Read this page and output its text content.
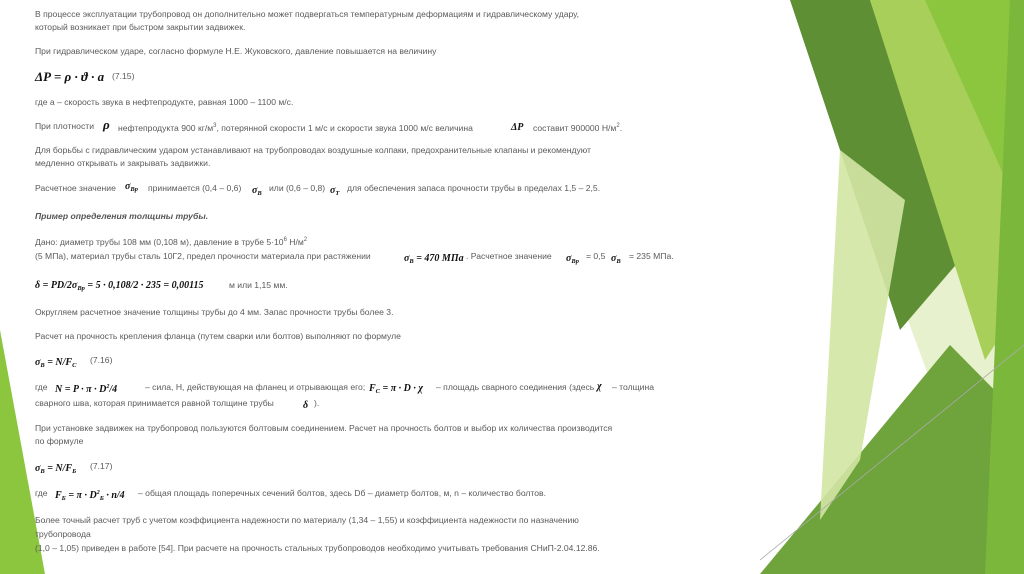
В процессе эксплуатации трубопровод он дополнительно может подвергаться температурным деформациям и гидравлическому удару,
который возникает при быстром закрытии задвижек.
При гидравлическом ударе, согласно формуле Н.Е. Жуковского, давление повышается на величину
ΔP = ρ · ϑ · a (7.15)
где а – скорость звука в нефтепродукте, равная 1000 – 1100 м/с.
При плотности ρ нефтепродукта 900 $кг/м^3$, потерянной скорости 1 м/с и скорости звука 1000 м/с величина	ΔP составит 900000 $Н/м^2$.
Для борьбы с гидравлическим ударом устанавливают на трубопроводах воздушные колпаки, предохранительные клапаны и рекомендуют
медленно открывать и закрывать задвижки.
Расчетное значение $\sigma_{Вр}$ принимается (0,4 – 0,6) $\sigma_В$
или (0,6 – 0,8) $\sigma_Т$
для обеспечения запаса прочности трубы в пределах 1,5 – 2,5.
Пример определения толщины трубы.
Дано: диаметр трубы 108 мм (0,108 м), давление в трубе $5\cdot 10^6$ $Н/м^2$
(5 МПа), материал трубы сталь 10Г2, предел прочности материала при растяжении	$\sigma_В = 470$ МПа . Расчетное значение $\sigma_{Вр}$
= 0,5 $\sigma_В$
= 235 МПа.
$\delta = PD/2\sigma_{Вр} = 5 \cdot 0,108/2 \cdot 235 = 0,00115$	м или 1,15 мм.
Округляем расчетное значение толщины трубы до 4 мм. Запас прочности трубы более 3.
Расчет на прочность крепления фланца (путем сварки или болтов) выполняют по формуле
$\sigma_В = N/F_C$
(7.16)
где $N = P \cdot \pi \cdot D^2/4$	– сила, Н, действующая на фланец и отрывающая его; $F_C = \pi \cdot D \cdot \chi$ – площадь сварного соединения (здесь χ – толщина
сварного шва, которая принимается равной толщине трубы	δ ).
При установке задвижек на трубопровод пользуются болтовым соединением. Расчет на прочность болтов и выбор их количества производится
по формуле
$\sigma_В = N/F_Б$
(7.17)
где $F_Б = \pi \cdot D^2_Б \cdot n/4$ – общая площадь поперечных сечений болтов, здесь Dб – диаметр болтов, м, n – количество болтов.
Более точный расчет труб с учетом коэффициента надежности по материалу (1,34 – 1,55) и коэффициента надежности по назначению
трубопровода
(1,0 – 1,05) приведен в работе [54]. При расчете на прочность стальных трубопроводов необходимо учитывать требования СНиП-2.04.12.86.
